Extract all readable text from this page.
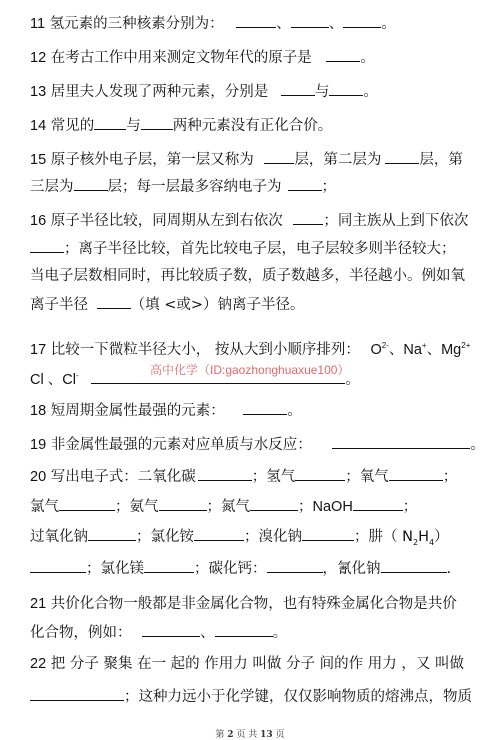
11 氢元素的三种核素分别为：	、	、	。
12 在考古工作中用来测定文物年代的原子是	。
13 居里夫人发现了两种元素，分别是	与 。
14 常见的 与 两种元素没有正化合价。
15 原子核外电子层，第一层又称为	层，第二层为	层，第
三层为 层；每一层最多容纳电子为	；
16 原子半径比较，同周期从左到右依次	；同主族从上到下依次
；离子半径比较，首先比较电子层，电子层较多则半径较大；
当电子层数相同时，再比较质子数，质子数越多，半径越小。例如氧
离子半径	（填 <或>）钠离子半径。
17 比较一下微粒半径大小， 按从大到小顺序排列： $O^{2-}$、Na+、$Mg^{2+}$
Cl 、Cl-	。
高中化学（ID:gaozhonghuaxue100）
18 短周期金属性最强的元素：	。
19 非金属性最强的元素对应单质与水反应：	。
20 写出电子式：二氧化碳	；氢气	；氧气	；
氯气	；氨气	；氮气	；NaOH	；
过氧化钠	；氯化铵	；溴化钠	；肼（ $N_2H_4$）
；氯化镁	；碳化钙：	，氰化钠	.
21 共价化合物一般都是非金属化合物，也有特殊金属化合物是共价
化合物，例如：	、	。
22 把 分子 聚集 在一 起的 作用力 叫做 分子 间的作 用力 ，又 叫做
；这种力远小于化学键，仅仅影响物质的熔沸点，物质
第 2 页 共 13 页
